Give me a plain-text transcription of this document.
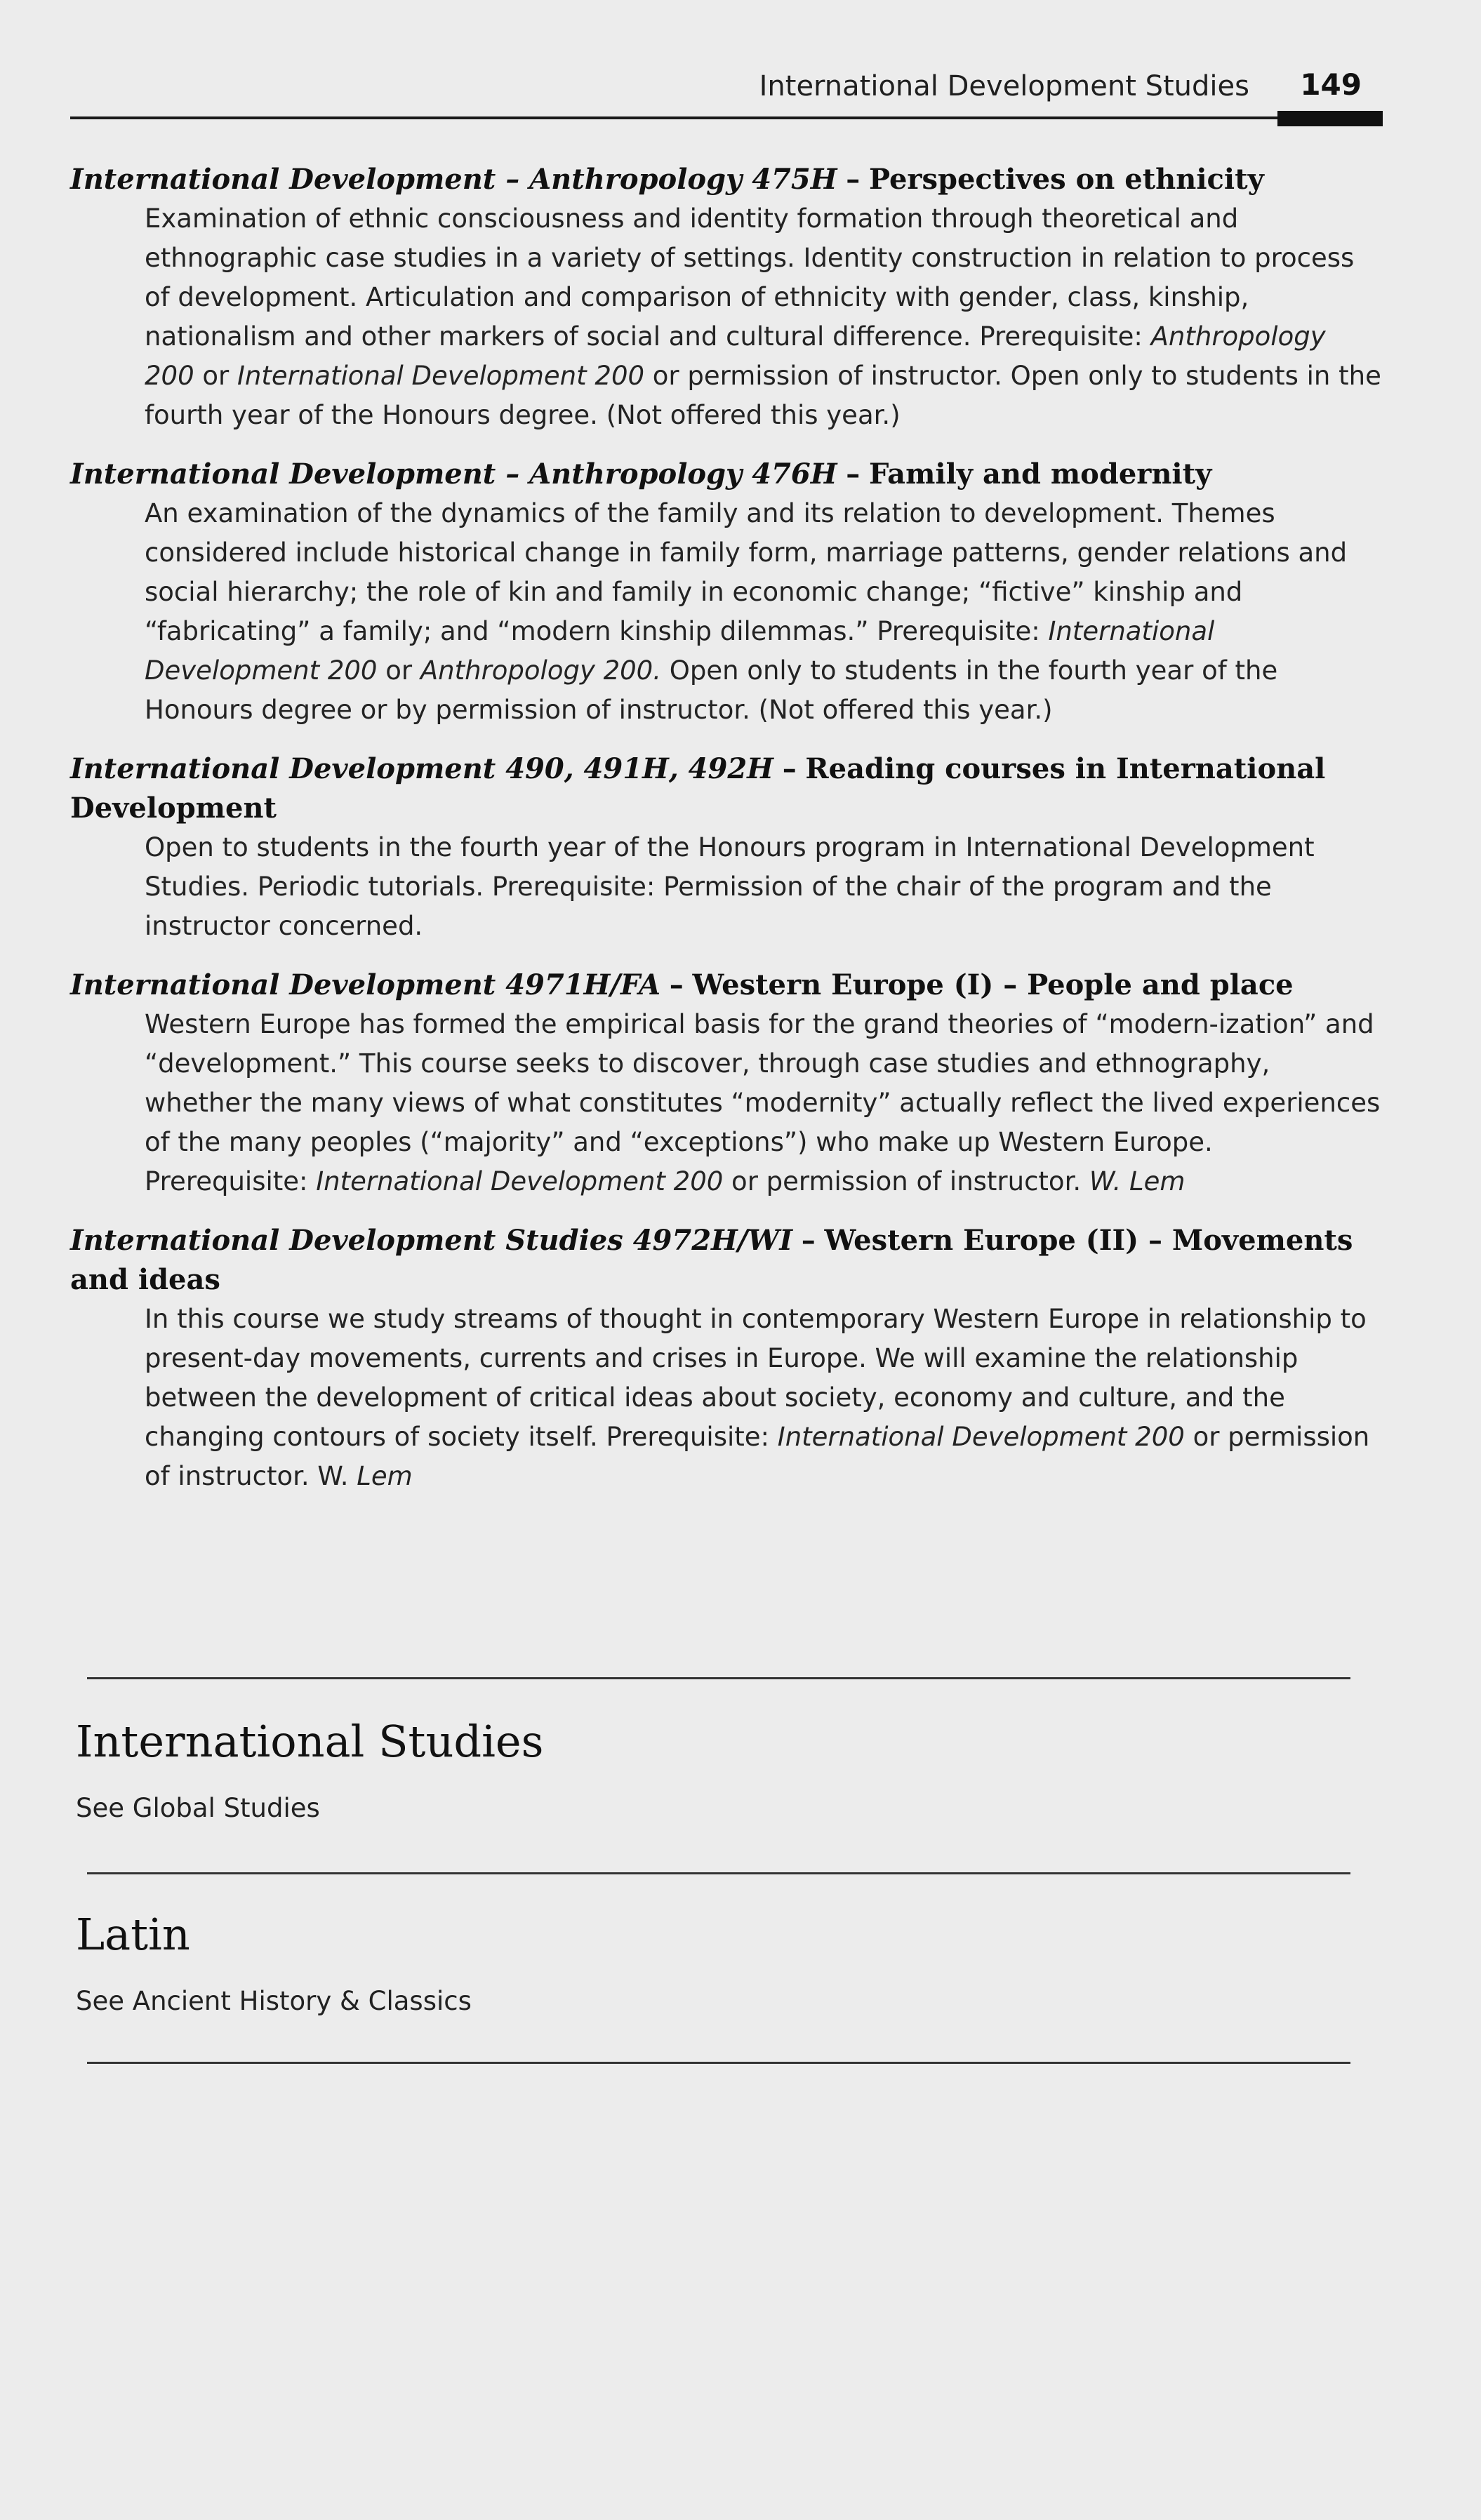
International Development Studies 149
International Development – Anthropology 475H – Perspectives on ethnicity
Examination of ethnic consciousness and identity formation through theoretical and ethnographic case studies in a variety of settings. Identity construction in relation to process of development. Articulation and comparison of ethnicity with gender, class, kinship, nationalism and other markers of social and cultural difference. Prerequisite: Anthropology 200 or International Development 200 or permission of instructor. Open only to students in the fourth year of the Honours degree. (Not offered this year.)
International Development – Anthropology 476H – Family and modernity
An examination of the dynamics of the family and its relation to development. Themes considered include historical change in family form, marriage patterns, gender relations and social hierarchy; the role of kin and family in economic change; “fictive” kinship and “fabricating” a family; and “modern kinship dilemmas.” Prerequisite: International Development 200 or Anthropology 200. Open only to students in the fourth year of the Honours degree or by permission of instructor. (Not offered this year.)
International Development 490, 491H, 492H – Reading courses in International Development
Open to students in the fourth year of the Honours program in International Development Studies. Periodic tutorials. Prerequisite: Permission of the chair of the program and the instructor concerned.
International Development 4971H/FA – Western Europe (I) – People and place
Western Europe has formed the empirical basis for the grand theories of “modern-ization” and “development.” This course seeks to discover, through case studies and ethnography, whether the many views of what constitutes “modernity” actually reflect the lived experiences of the many peoples (“majority” and “exceptions”) who make up Western Europe. Prerequisite: International Development 200 or permission of instructor. W. Lem
International Development Studies 4972H/WI – Western Europe (II) – Movements and ideas
In this course we study streams of thought in contemporary Western Europe in relationship to present-day movements, currents and crises in Europe. We will examine the relationship between the development of critical ideas about society, economy and culture, and the changing contours of society itself. Prerequisite: International Development 200 or permission of instructor. W. Lem
International Studies
See Global Studies
Latin
See Ancient History & Classics
